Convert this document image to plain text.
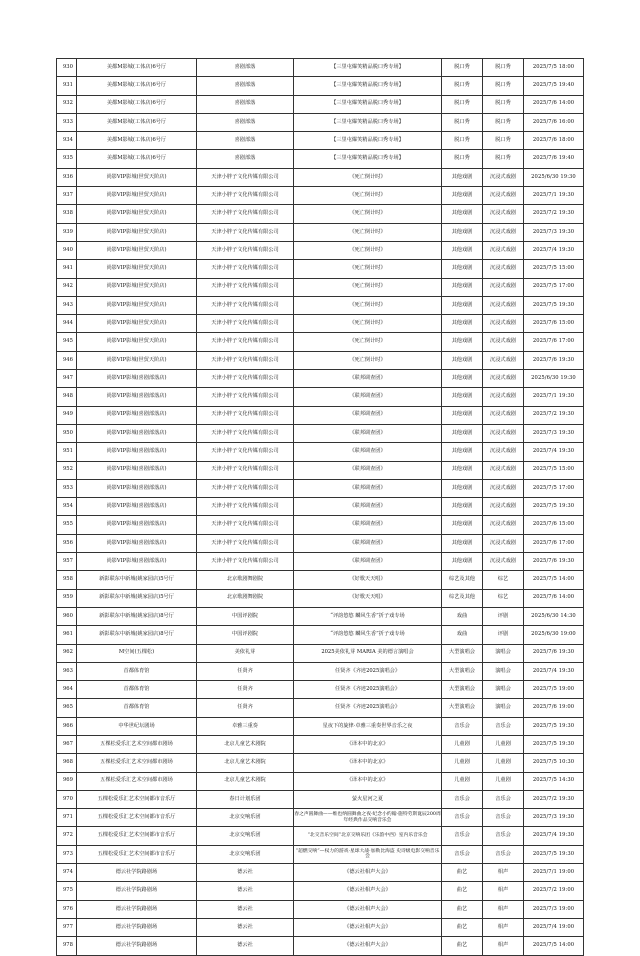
930	美都M影城(工体店)6号厅	喜剧部落	【三里屯爆笑精品脱口秀专场】	脱口秀	脱口秀	2025/7/5 18:00
931	美都M影城(工体店)6号厅	喜剧部落	【三里屯爆笑精品脱口秀专场】	脱口秀	脱口秀	2025/7/5 19:40
932	美都M影城(工体店)6号厅	喜剧部落	【三里屯爆笑精品脱口秀专场】	脱口秀	脱口秀	2025/7/6 14:00
933	美都M影城(工体店)6号厅	喜剧部落	【三里屯爆笑精品脱口秀专场】	脱口秀	脱口秀	2025/7/6 16:00
934	美都M影城(工体店)6号厅	喜剧部落	【三里屯爆笑精品脱口秀专场】	脱口秀	脱口秀	2025/7/6 18:00
935	美都M影城(工体店)6号厅	喜剧部落	【三里屯爆笑精品脱口秀专场】	脱口秀	脱口秀	2025/7/6 19:40
936	尚影VIP影城(世贸天阶店)	天津小胖子文化传媒有限公司	《死亡倒计时》	其他戏剧	沉浸式戏剧	2025/6/30 19:30
937	尚影VIP影城(世贸天阶店)	天津小胖子文化传媒有限公司	《死亡倒计时》	其他戏剧	沉浸式戏剧	2025/7/1 19:30
938	尚影VIP影城(世贸天阶店)	天津小胖子文化传媒有限公司	《死亡倒计时》	其他戏剧	沉浸式戏剧	2025/7/2 19:30
939	尚影VIP影城(世贸天阶店)	天津小胖子文化传媒有限公司	《死亡倒计时》	其他戏剧	沉浸式戏剧	2025/7/3 19:30
940	尚影VIP影城(世贸天阶店)	天津小胖子文化传媒有限公司	《死亡倒计时》	其他戏剧	沉浸式戏剧	2025/7/4 19:30
941	尚影VIP影城(世贸天阶店)	天津小胖子文化传媒有限公司	《死亡倒计时》	其他戏剧	沉浸式戏剧	2025/7/5 15:00
942	尚影VIP影城(世贸天阶店)	天津小胖子文化传媒有限公司	《死亡倒计时》	其他戏剧	沉浸式戏剧	2025/7/5 17:00
943	尚影VIP影城(世贸天阶店)	天津小胖子文化传媒有限公司	《死亡倒计时》	其他戏剧	沉浸式戏剧	2025/7/5 19:30
944	尚影VIP影城(世贸天阶店)	天津小胖子文化传媒有限公司	《死亡倒计时》	其他戏剧	沉浸式戏剧	2025/7/6 15:00
945	尚影VIP影城(世贸天阶店)	天津小胖子文化传媒有限公司	《死亡倒计时》	其他戏剧	沉浸式戏剧	2025/7/6 17:00
946	尚影VIP影城(世贸天阶店)	天津小胖子文化传媒有限公司	《死亡倒计时》	其他戏剧	沉浸式戏剧	2025/7/6 19:30
947	尚影VIP影城(喜剧部落店)	天津小胖子文化传媒有限公司	《联邦调查团》	其他戏剧	沉浸式戏剧	2025/6/30 19:30
948	尚影VIP影城(喜剧部落店)	天津小胖子文化传媒有限公司	《联邦调查团》	其他戏剧	沉浸式戏剧	2025/7/1 19:30
949	尚影VIP影城(喜剧部落店)	天津小胖子文化传媒有限公司	《联邦调查团》	其他戏剧	沉浸式戏剧	2025/7/2 19:30
950	尚影VIP影城(喜剧部落店)	天津小胖子文化传媒有限公司	《联邦调查团》	其他戏剧	沉浸式戏剧	2025/7/3 19:30
951	尚影VIP影城(喜剧部落店)	天津小胖子文化传媒有限公司	《联邦调查团》	其他戏剧	沉浸式戏剧	2025/7/4 19:30
952	尚影VIP影城(喜剧部落店)	天津小胖子文化传媒有限公司	《联邦调查团》	其他戏剧	沉浸式戏剧	2025/7/5 15:00
953	尚影VIP影城(喜剧部落店)	天津小胖子文化传媒有限公司	《联邦调查团》	其他戏剧	沉浸式戏剧	2025/7/5 17:00
954	尚影VIP影城(喜剧部落店)	天津小胖子文化传媒有限公司	《联邦调查团》	其他戏剧	沉浸式戏剧	2025/7/5 19:30
955	尚影VIP影城(喜剧部落店)	天津小胖子文化传媒有限公司	《联邦调查团》	其他戏剧	沉浸式戏剧	2025/7/6 15:00
956	尚影VIP影城(喜剧部落店)	天津小胖子文化传媒有限公司	《联邦调查团》	其他戏剧	沉浸式戏剧	2025/7/6 17:00
957	尚影VIP影城(喜剧部落店)	天津小胖子文化传媒有限公司	《联邦调查团》	其他戏剧	沉浸式戏剧	2025/7/6 19:30
958	新影联东中新城(姚家园店)5号厅	北京歌剧舞剧院	《好歌天天唱》	综艺及其他	综艺	2025/7/5 14:00
959	新影联东中新城(姚家园店)5号厅	北京歌剧舞剧院	《好歌天天唱》	综艺及其他	综艺	2025/7/6 14:00
960	新影联东中新城(姚家园店)8号厅	中国评剧院	“评韵悠悠 麟风生香”折子戏专场	戏曲	评剧	2025/6/30 14:30
961	新影联东中新城(姚家园店)8号厅	中国评剧院	“评韵悠悠 麟风生香”折子戏专场	戏曲	评剧	2025/6/30 19:00
962	M空间(五棵松)	美依礼芽	2025美依礼芽 MARIA 美的德言演唱会	大型演唱会	演唱会	2025/7/6 19:30
963	首都体育馆	任贤齐	任贤齐《齐迹2025演唱会》	大型演唱会	演唱会	2025/7/4 19:30
964	首都体育馆	任贤齐	任贤齐《齐迹2025演唱会》	大型演唱会	演唱会	2025/7/5 19:00
965	首都体育馆	任贤齐	任贤齐《齐迹2025演唱会》	大型演唱会	演唱会	2025/7/6 19:00
966	中华世纪坛剧场	卓雅三重奏	星夜下的旋律·卓雅三重奏世界音乐之夜	音乐会	音乐会	2025/7/5 19:30
967	五棵松爱乐汇艺术空间都市剧场	北京儿童艺术剧院	《译本中的北京》	儿童剧	儿童剧	2025/7/5 19:30
968	五棵松爱乐汇艺术空间都市剧场	北京儿童艺术剧院	《译本中的北京》	儿童剧	儿童剧	2025/7/5 10:30
969	五棵松爱乐汇艺术空间都市剧场	北京儿童艺术剧院	《译本中的北京》	儿童剧	儿童剧	2025/7/5 14:30
970	五棵松爱乐汇艺术空间都市音乐厅	春日计划乐团	萤火星河之夏	音乐会	音乐会	2025/7/2 19:30
971	五棵松爱乐汇艺术空间都市音乐厅	北京交响乐团	春之声圆舞曲——维也纳圆舞曲之夜·纪念小约翰·施特劳斯诞辰200周年经典作品交响音乐会	音乐会	音乐会	2025/7/3 19:30
972	五棵松爱乐汇艺术空间都市音乐厅	北京交响乐团	“北交音乐空间”北京交响乐团《乐韵中西》室内乐音乐会	音乐会	音乐会	2025/7/4 19:30
973	五棵松爱乐汇艺术空间都市音乐厅	北京交响乐团	“超燃交响”—权力的游戏·星球大战·加勒比海盗 史诗级电影交响音乐会	音乐会	音乐会	2025/7/5 19:30
974	德云社学院路剧场	德云社	《德云社相声大会》	曲艺	相声	2025/7/1 19:00
975	德云社学院路剧场	德云社	《德云社相声大会》	曲艺	相声	2025/7/2 19:00
976	德云社学院路剧场	德云社	《德云社相声大会》	曲艺	相声	2025/7/3 19:00
977	德云社学院路剧场	德云社	《德云社相声大会》	曲艺	相声	2025/7/4 19:00
978	德云社学院路剧场	德云社	《德云社相声大会》	曲艺	相声	2025/7/5 14:00
